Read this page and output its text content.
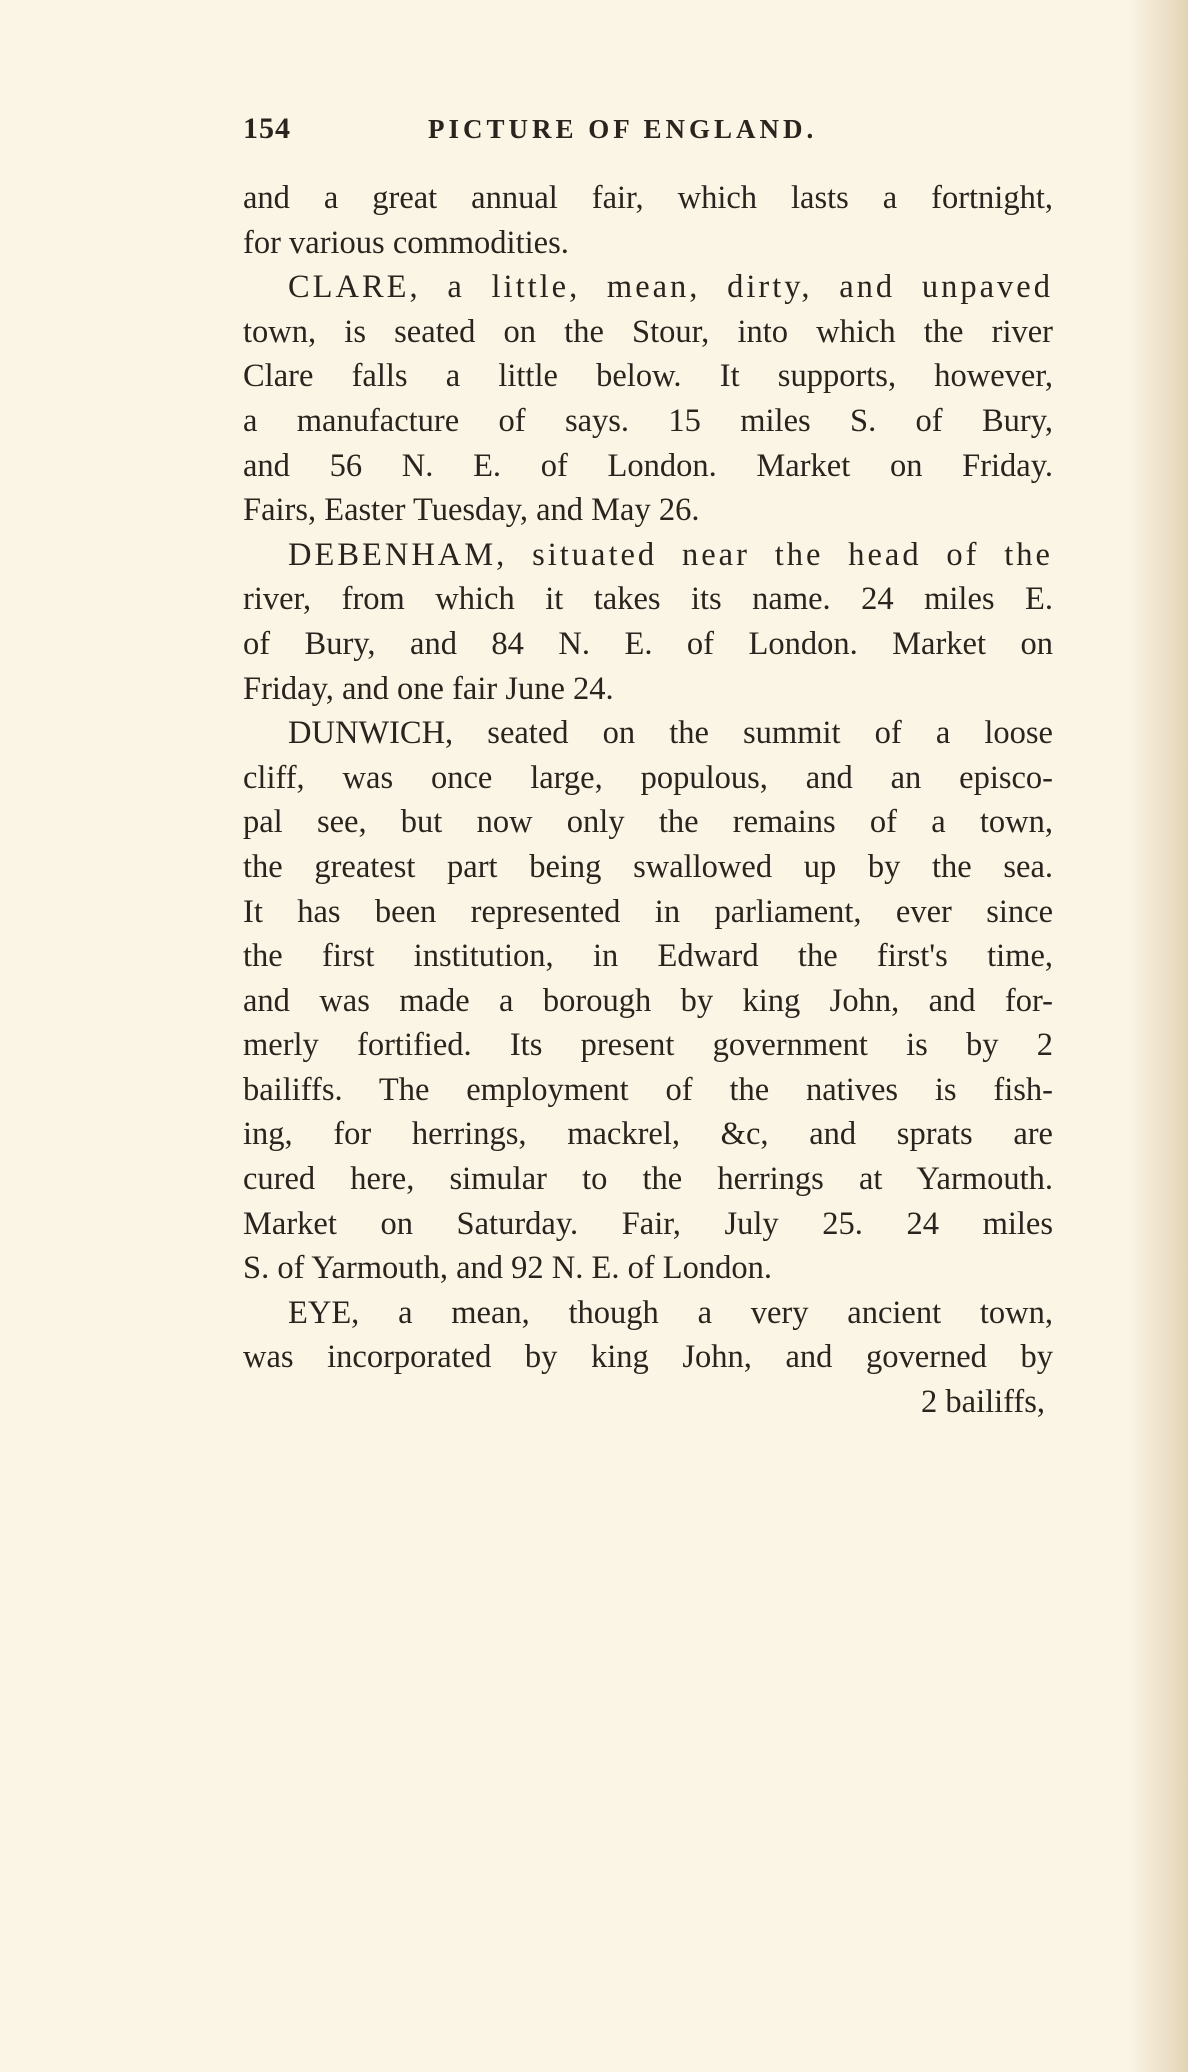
154	PICTURE OF ENGLAND.
and a great annual fair, which lasts a fortnight,
for various commodities.
CLARE, a little, mean, dirty, and unpaved
town, is seated on the Stour, into which the river
Clare falls a little below. It supports, however,
a manufacture of says. 15 miles S. of Bury,
and 56 N. E. of London. Market on Friday.
Fairs, Easter Tuesday, and May 26.
DEBENHAM, situated near the head of the
river, from which it takes its name. 24 miles E.
of Bury, and 84 N. E. of London. Market on
Friday, and one fair June 24.
DUNWICH, seated on the summit of a loose
cliff, was once large, populous, and an episco-
pal see, but now only the remains of a town,
the greatest part being swallowed up by the sea.
It has been represented in parliament, ever since
the first institution, in Edward the first's time,
and was made a borough by king John, and for-
merly fortified. Its present government is by 2
bailiffs. The employment of the natives is fish-
ing, for herrings, mackrel, &c, and sprats are
cured here, simular to the herrings at Yarmouth.
Market on Saturday. Fair, July 25. 24 miles
S. of Yarmouth, and 92 N. E. of London.
EYE, a mean, though a very ancient town,
was incorporated by king John, and governed by
2 bailiffs,
